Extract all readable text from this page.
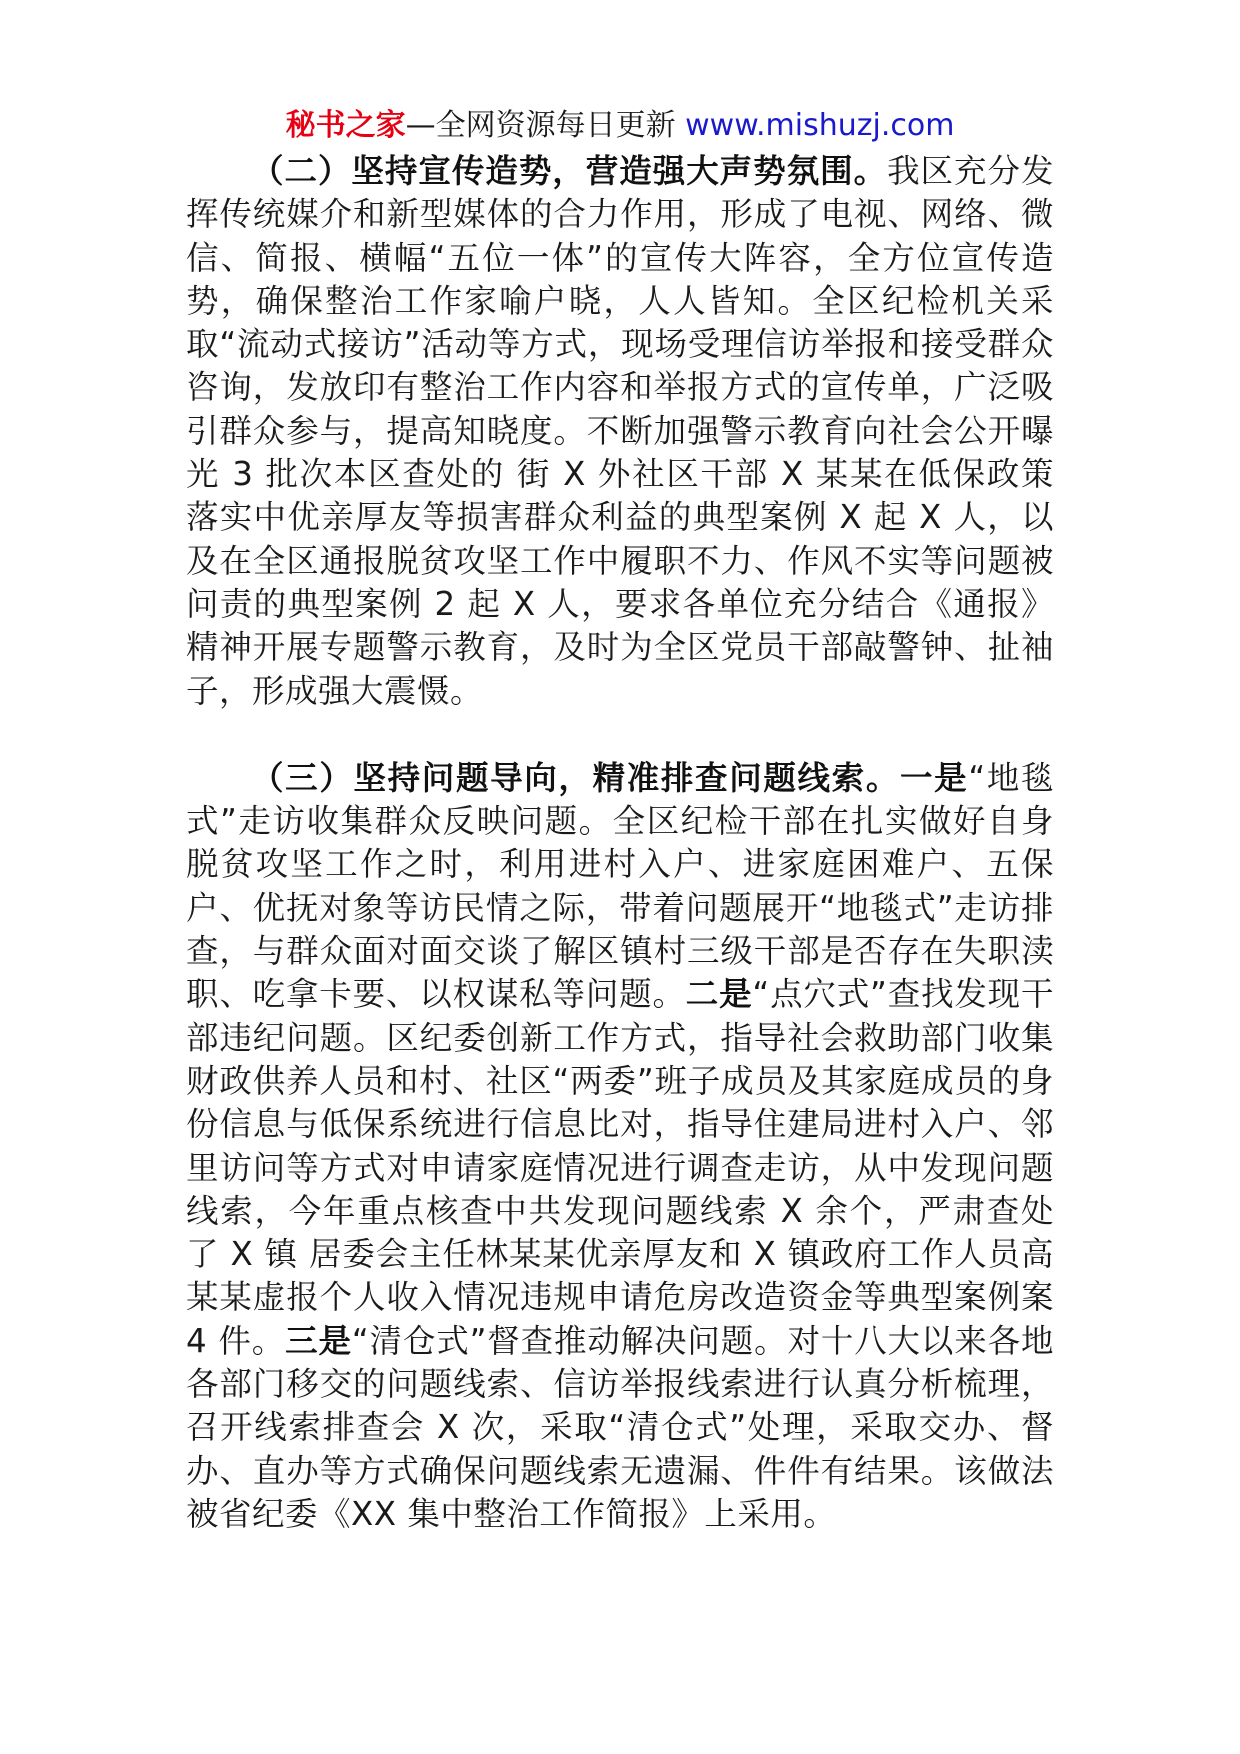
秘书之家—全网资源每日更新 www.mishuzj.com

（二）坚持宣传造势，营造强大声势氛围。我区充分发挥传统媒介和新型媒体的合力作用，形成了电视、网络、微信、简报、横幅“五位一体”的宣传大阵容，全方位宣传造势，确保整治工作家喻户晓，人人皆知。全区纪检机关采取“流动式接访”活动等方式，现场受理信访举报和接受群众咨询，发放印有整治工作内容和举报方式的宣传单，广泛吸引群众参与，提高知晓度。不断加强警示教育向社会公开曝光 3 批次本区查处的 街 X 外社区干部 X 某某在低保政策落实中优亲厚友等损害群众利益的典型案例 X 起 X 人，以及在全区通报脱贫攻坚工作中履职不力、作风不实等问题被问责的典型案例 2 起 X 人，要求各单位充分结合《通报》精神开展专题警示教育，及时为全区党员干部敲警钟、扯袖子，形成强大震慑。

（三）坚持问题导向，精准排查问题线索。一是“地毯式”走访收集群众反映问题。全区纪检干部在扎实做好自身脱贫攻坚工作之时，利用进村入户、进家庭困难户、五保户、优抚对象等访民情之际，带着问题展开“地毯式”走访排查，与群众面对面交谈了解区镇村三级干部是否存在失职渎职、吃拿卡要、以权谋私等问题。二是“点穴式”查找发现干部违纪问题。区纪委创新工作方式，指导社会救助部门收集财政供养人员和村、社区“两委”班子成员及其家庭成员的身份信息与低保系统进行信息比对，指导住建局进村入户、邻里访问等方式对申请家庭情况进行调查走访，从中发现问题线索，今年重点核查中共发现问题线索 X 余个，严肃查处了 X 镇 居委会主任林某某优亲厚友和 X 镇政府工作人员高某某虚报个人收入情况违规申请危房改造资金等典型案例案 4 件。三是“清仓式”督查推动解决问题。对十八大以来各地各部门移交的问题线索、信访举报线索进行认真分析梳理，召开线索排查会 X 次，采取“清仓式”处理，采取交办、督办、直办等方式确保问题线索无遗漏、件件有结果。该做法被省纪委《XX 集中整治工作简报》上采用。
